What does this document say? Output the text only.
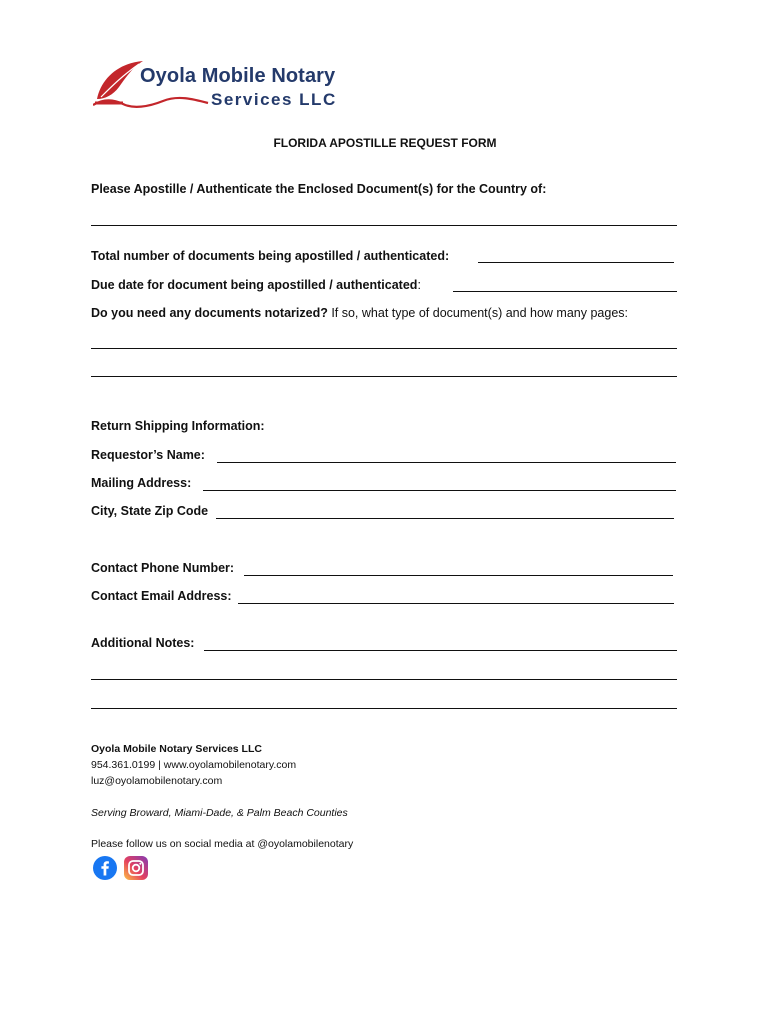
Oyola Mobile Notary
Services LLC
FLORIDA APOSTILLE REQUEST FORM
Please Apostille / Authenticate the Enclosed Document(s) for the Country of:
Total number of documents being apostilled / authenticated:
Due date for document being apostilled / authenticated:
Do you need any documents notarized? If so, what type of document(s) and how many pages:
Return Shipping Information:
Requestor’s Name:
Mailing Address:
City, State Zip Code
Contact Phone Number:
Contact Email Address:
Additional Notes:
Oyola Mobile Notary Services LLC
954.361.0199 | www.oyolamobilenotary.com
luz@oyolamobilenotary.com
Serving Broward, Miami-Dade, & Palm Beach Counties
Please follow us on social media at @oyolamobilenotary
